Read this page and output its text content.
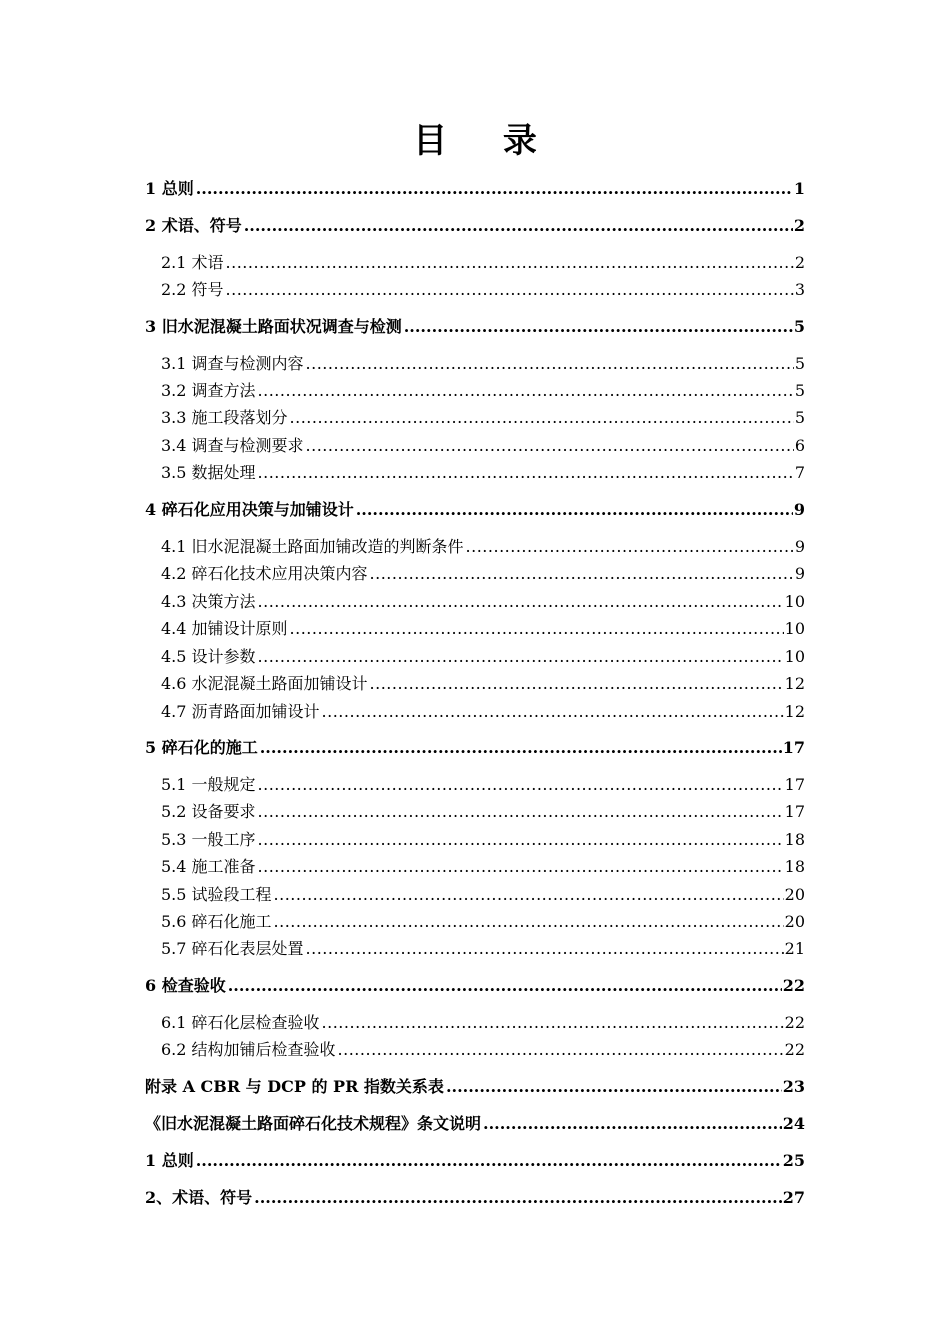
目 录
1 总则 .....	1
2 术语、符号 .....	2
2.1 术语 .....	2
2.2 符号 .....	3
3 旧水泥混凝土路面状况调查与检测 .....	5
3.1 调查与检测内容 .....	5
3.2 调查方法 .....	5
3.3 施工段落划分 .....	5
3.4 调查与检测要求 .....	6
3.5 数据处理 .....	7
4 碎石化应用决策与加铺设计 .....	9
4.1 旧水泥混凝土路面加铺改造的判断条件 .....	9
4.2 碎石化技术应用决策内容 .....	9
4.3 决策方法 .....	10
4.4 加铺设计原则 .....	10
4.5 设计参数 .....	10
4.6 水泥混凝土路面加铺设计 .....	12
4.7 沥青路面加铺设计 .....	12
5 碎石化的施工 .....	17
5.1 一般规定 .....	17
5.2 设备要求 .....	17
5.3 一般工序 .....	18
5.4 施工准备 .....	18
5.5 试验段工程 .....	20
5.6 碎石化施工 .....	20
5.7 碎石化表层处置 .....	21
6 检查验收 .....	22
6.1 碎石化层检查验收 .....	22
6.2 结构加铺后检查验收 .....	22
附录 A CBR 与 DCP 的 PR 指数关系表 .....	23
《旧水泥混凝土路面碎石化技术规程》条文说明 .....	24
1 总则 .....	25
2、术语、符号 .....	27
